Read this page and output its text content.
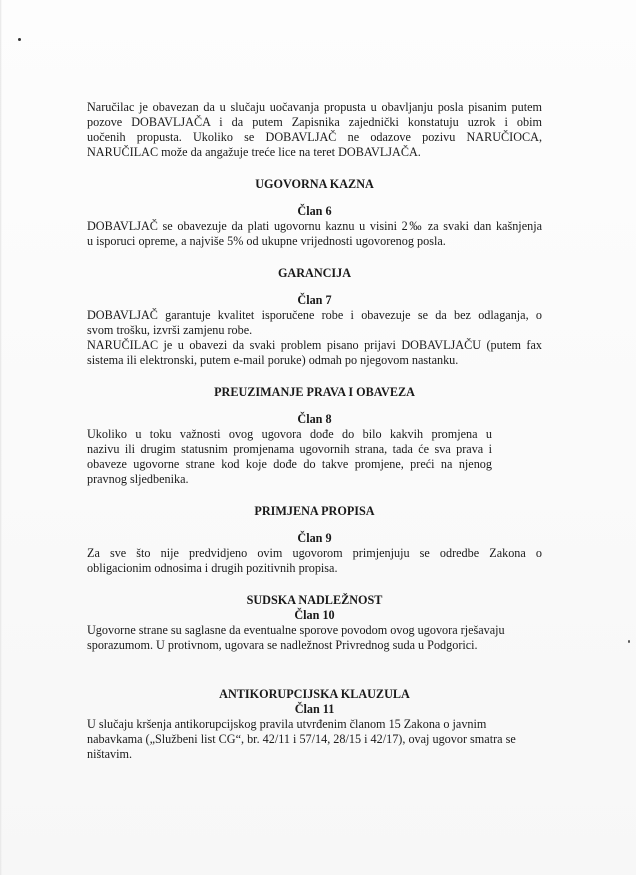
Naručilac je obavezan da u slučaju uočavanja propusta u obavljanju posla pisanim putem

pozove DOBAVLJAČA i da putem Zapisnika zajednički konstatuju uzrok i obim

uočenih propusta. Ukoliko se DOBAVLJAČ ne odazove pozivu NARUČIOCA,

NARUČILAC može da angažuje treće lice na teret DOBAVLJAČA.

UGOVORNA KAZNA

Član 6

DOBAVLJAČ se obavezuje da plati ugovornu kaznu u visini 2‰ za svaki dan kašnjenja

u isporuci opreme, a najviše 5% od ukupne vrijednosti ugovorenog posla.

GARANCIJA

Član 7

DOBAVLJAČ garantuje kvalitet isporučene robe i obavezuje se da bez odlaganja, o

svom trošku, izvrši zamjenu robe.

NARUČILAC je u obavezi da svaki problem pisano prijavi DOBAVLJAČU (putem fax

sistema ili elektronski, putem e-mail poruke) odmah po njegovom nastanku.

PREUZIMANJE PRAVA I OBAVEZA

Član 8

Ukoliko u toku važnosti ovog ugovora dođe do bilo kakvih promjena u

nazivu ili drugim statusnim promjenama ugovornih strana, tada će sva prava i

obaveze ugovorne strane kod koje dođe do takve promjene, preći na njenog

pravnog sljedbenika.

PRIMJENA PROPISA

Član 9

Za sve što nije predvidjeno ovim ugovorom primjenjuju se odredbe Zakona o

obligacionim odnosima i drugih pozitivnih propisa.

SUDSKA NADLEŽNOST

Član 10

Ugovorne strane su saglasne da eventualne sporove povodom ovog ugovora rješavaju

sporazumom. U protivnom, ugovara se nadležnost Privrednog suda u Podgorici.

ANTIKORUPCIJSKA KLAUZULA

Član 11

U slučaju kršenja antikorupcijskog pravila utvrđenim članom 15 Zakona o javnim

nabavkama („Službeni list CG“, br. 42/11 i 57/14, 28/15 i 42/17), ovaj ugovor smatra se

ništavim.
